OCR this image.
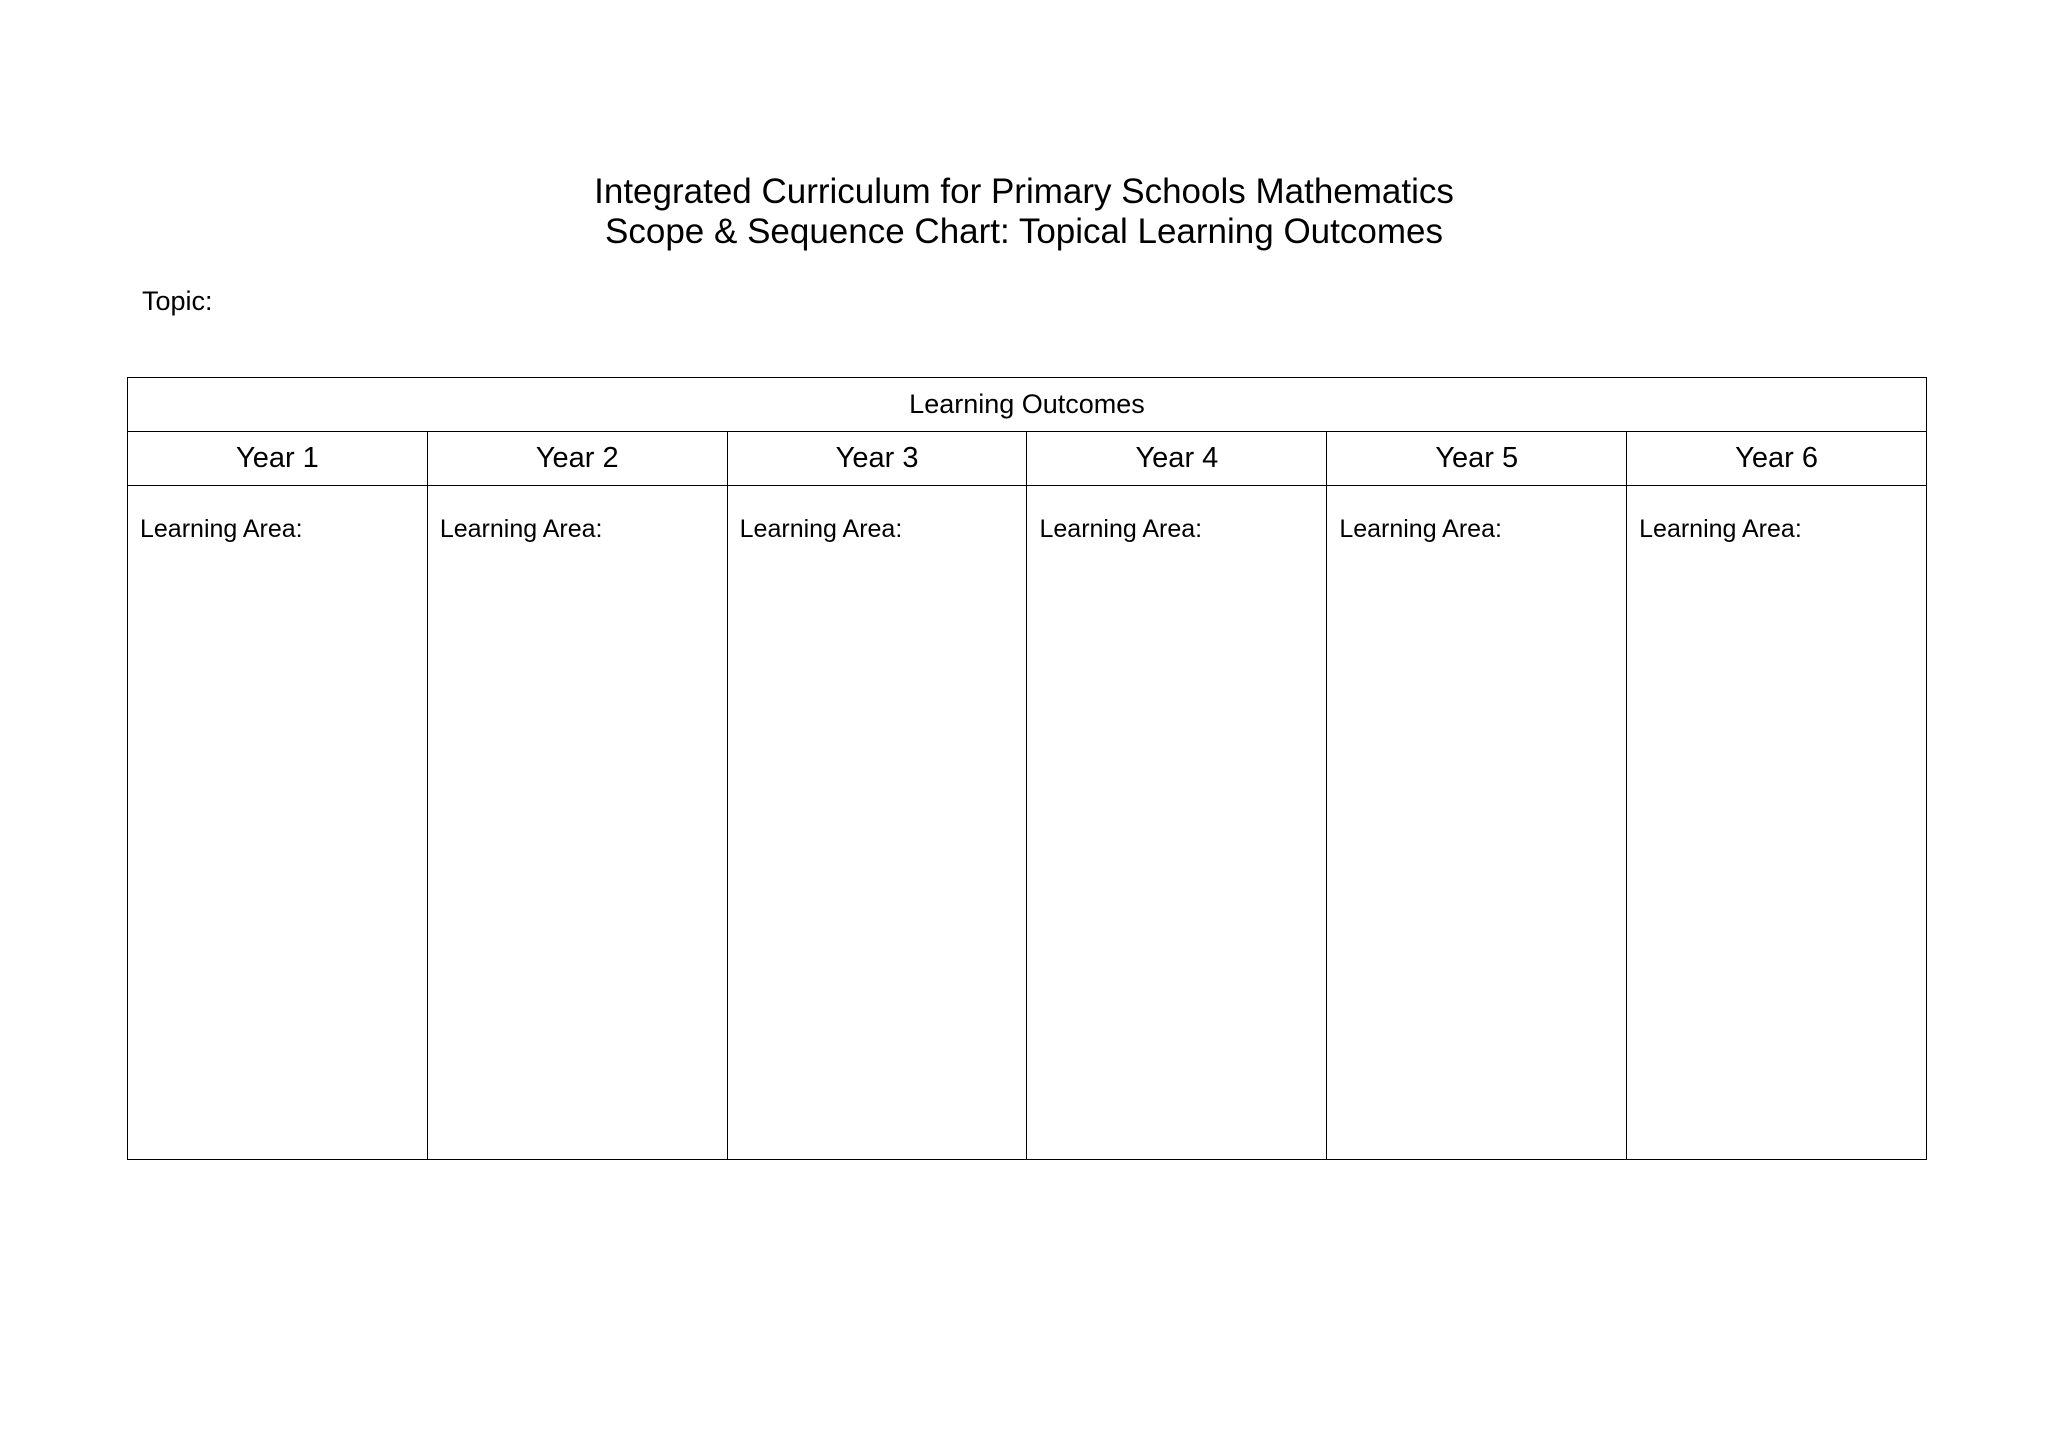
Integrated Curriculum for Primary Schools Mathematics
Scope & Sequence Chart: Topical Learning Outcomes
Topic:
Learning Outcomes					
Year 1	Year 2	Year 3	Year 4	Year 5	Year 6

Learning Area:	Learning Area:	Learning Area:	Learning Area:	Learning Area:	Learning Area:
